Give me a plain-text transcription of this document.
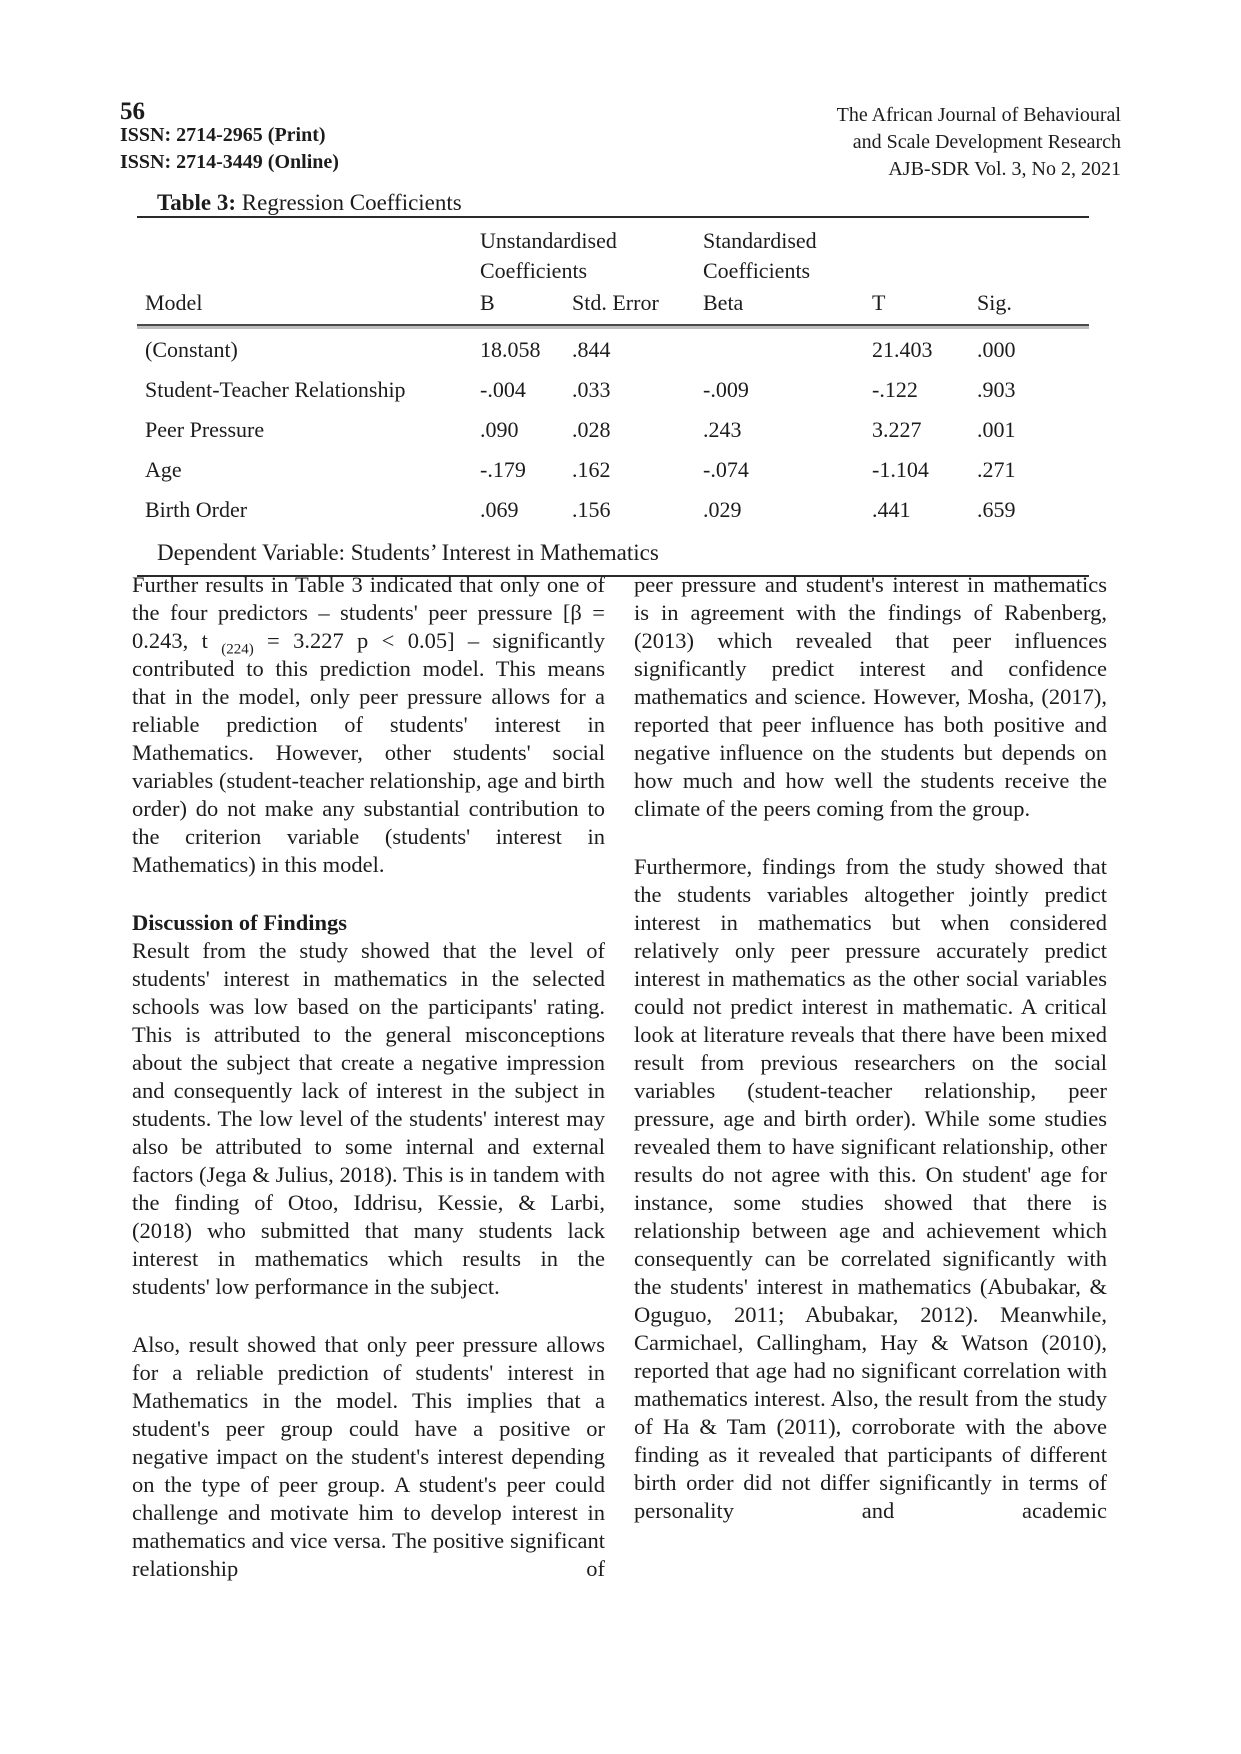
56
ISSN: 2714-2965 (Print)
ISSN: 2714-3449 (Online)
The African Journal of Behavioural
and Scale Development Research
AJB-SDR Vol. 3, No 2, 2021
Table 3: Regression Coefficients
	Unstandardised Coefficients		Standardised Coefficients		
Model	B	Std. Error	Beta	T	Sig.
(Constant)	18.058	.844		21.403	.000
Student-Teacher Relationship	-.004	.033	-.009	-.122	.903
Peer Pressure	.090	.028	.243	3.227	.001
Age	-.179	.162	-.074	-1.104	.271
Birth Order	.069	.156	.029	.441	.659

Dependent Variable: Students’ Interest in Mathematics

Further results in Table 3 indicated that only one of the four predictors – students' peer pressure [β = 0.243, t $_{(224)}$ = 3.227 p < 0.05] – significantly contributed to this prediction model. This means that in the model, only peer pressure allows for a reliable prediction of students' interest in Mathematics. However, other students' social variables (student-teacher relationship, age and birth order) do not make any substantial contribution to the criterion variable (students' interest in Mathematics) in this model.

Discussion of Findings

Result from the study showed that the level of students' interest in mathematics in the selected schools was low based on the participants' rating. This is attributed to the general misconceptions about the subject that create a negative impression and consequently lack of interest in the subject in students. The low level of the students' interest may also be attributed to some internal and external factors (Jega & Julius, 2018). This is in tandem with the finding of Otoo, Iddrisu, Kessie, & Larbi, (2018) who submitted that many students lack interest in mathematics which results in the students' low performance in the subject.

Also, result showed that only peer pressure allows for a reliable prediction of students' interest in Mathematics in the model. This implies that a student's peer group could have a positive or negative impact on the student's interest depending on the type of peer group. A student's peer could challenge and motivate him to develop interest in mathematics and vice versa. The positive significant relationship of

peer pressure and student's interest in mathematics is in agreement with the findings of Rabenberg, (2013) which revealed that peer influences significantly predict interest and confidence mathematics and science. However, Mosha, (2017), reported that peer influence has both positive and negative influence on the students but depends on how much and how well the students receive the climate of the peers coming from the group.

Furthermore, findings from the study showed that the students variables altogether jointly predict interest in mathematics but when considered relatively only peer pressure accurately predict interest in mathematics as the other social variables could not predict interest in mathematic. A critical look at literature reveals that there have been mixed result from previous researchers on the social variables (student-teacher relationship, peer pressure, age and birth order). While some studies revealed them to have significant relationship, other results do not agree with this. On student' age for instance, some studies showed that there is relationship between age and achievement which consequently can be correlated significantly with the students' interest in mathematics (Abubakar, & Oguguo, 2011; Abubakar, 2012). Meanwhile, Carmichael, Callingham, Hay & Watson (2010), reported that age had no significant correlation with mathematics interest. Also, the result from the study of Ha & Tam (2011), corroborate with the above finding as it revealed that participants of different birth order did not differ significantly in terms of personality and academic
